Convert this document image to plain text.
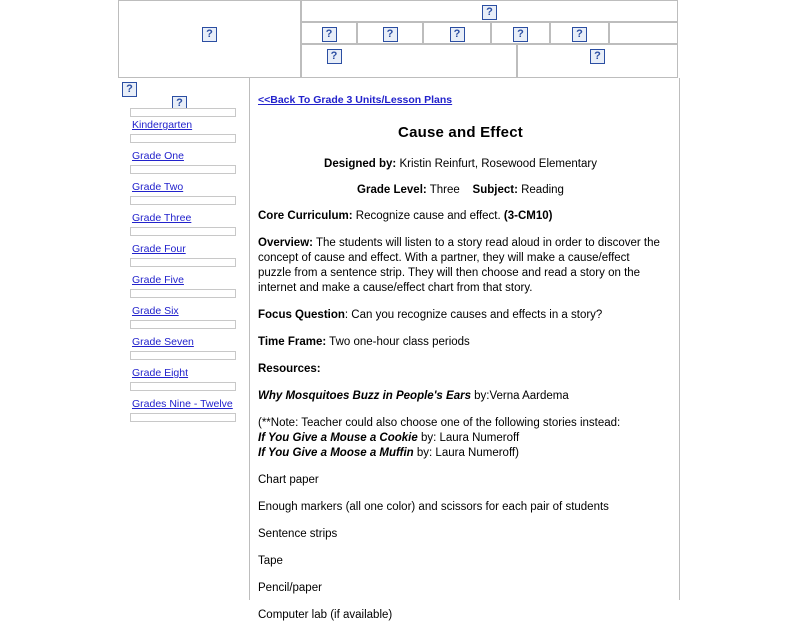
?
?
?
?
?
?
?
?
?
?
?
Kindergarten
Grade One
Grade Two
Grade Three
Grade Four
Grade Five
Grade Six
Grade Seven
Grade Eight
Grades Nine - Twelve
<<Back To Grade 3 Units/Lesson Plans
Cause and Effect
Designed by: Kristin Reinfurt, Rosewood Elementary
Grade Level: Three Subject: Reading

Core Curriculum: Recognize cause and effect. (3-CM10)

Overview: The students will listen to a story read aloud in order to discover the concept of cause and effect. With a partner, they will make a cause/effect puzzle from a sentence strip. They will then choose and read a story on the internet and make a cause/effect chart from that story.

Focus Question: Can you recognize causes and effects in a story?

Time Frame: Two one-hour class periods

Resources:

Why Mosquitoes Buzz in People's Ears by:Verna Aardema

(**Note: Teacher could also choose one of the following stories instead:
If You Give a Mouse a Cookie by: Laura Numeroff
If You Give a Moose a Muffin by: Laura Numeroff)

Chart paper

Enough markers (all one color) and scissors for each pair of students

Sentence strips

Tape

Pencil/paper

Computer lab (if available)
